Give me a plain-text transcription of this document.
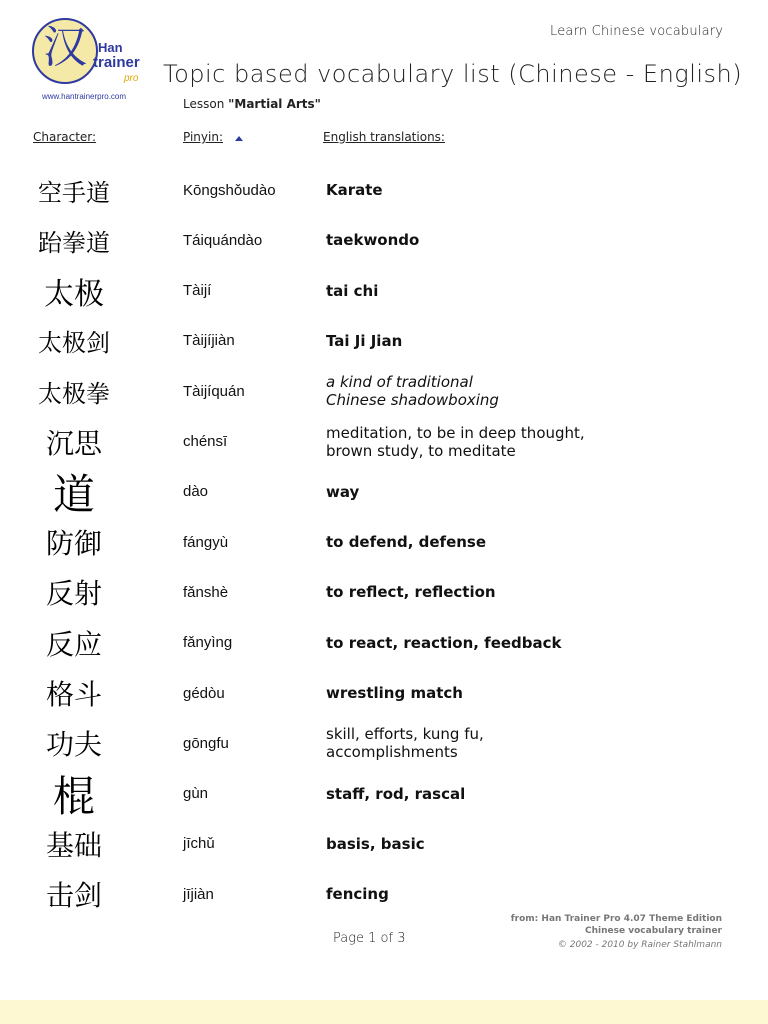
汉 Han
trainer
pro
www.hantrainerpro.com
Learn Chinese vocabulary
Topic based vocabulary list (Chinese - English)
Lesson "Martial Arts"
Character:	Pinyin:	English translations:
空手道	Kōngshǒudào	Karate
跆拳道	Táiquándào	taekwondo
太极	Tàijí	tai chi
太极剑	Tàijíjiàn	Tai Ji Jian
太极拳	Tàijíquán	a kind of traditional
Chinese shadowboxing
沉思	chénsī	meditation, to be in deep thought,
brown study, to meditate
道	dào	way
防御	fángyù	to defend, defense
反射	fǎnshè	to reflect, reflection
反应	fǎnyìng	to react, reaction, feedback
格斗	gédòu	wrestling match
功夫	gōngfu	skill, efforts, kung fu,
accomplishments
棍	gùn	staff, rod, rascal
基础	jīchǔ	basis, basic
击剑	jījiàn	fencing
from: Han Trainer Pro 4.07 Theme Edition
Chinese vocabulary trainer
© 2002 - 2010 by Rainer Stahlmann
Page 1 of 3
